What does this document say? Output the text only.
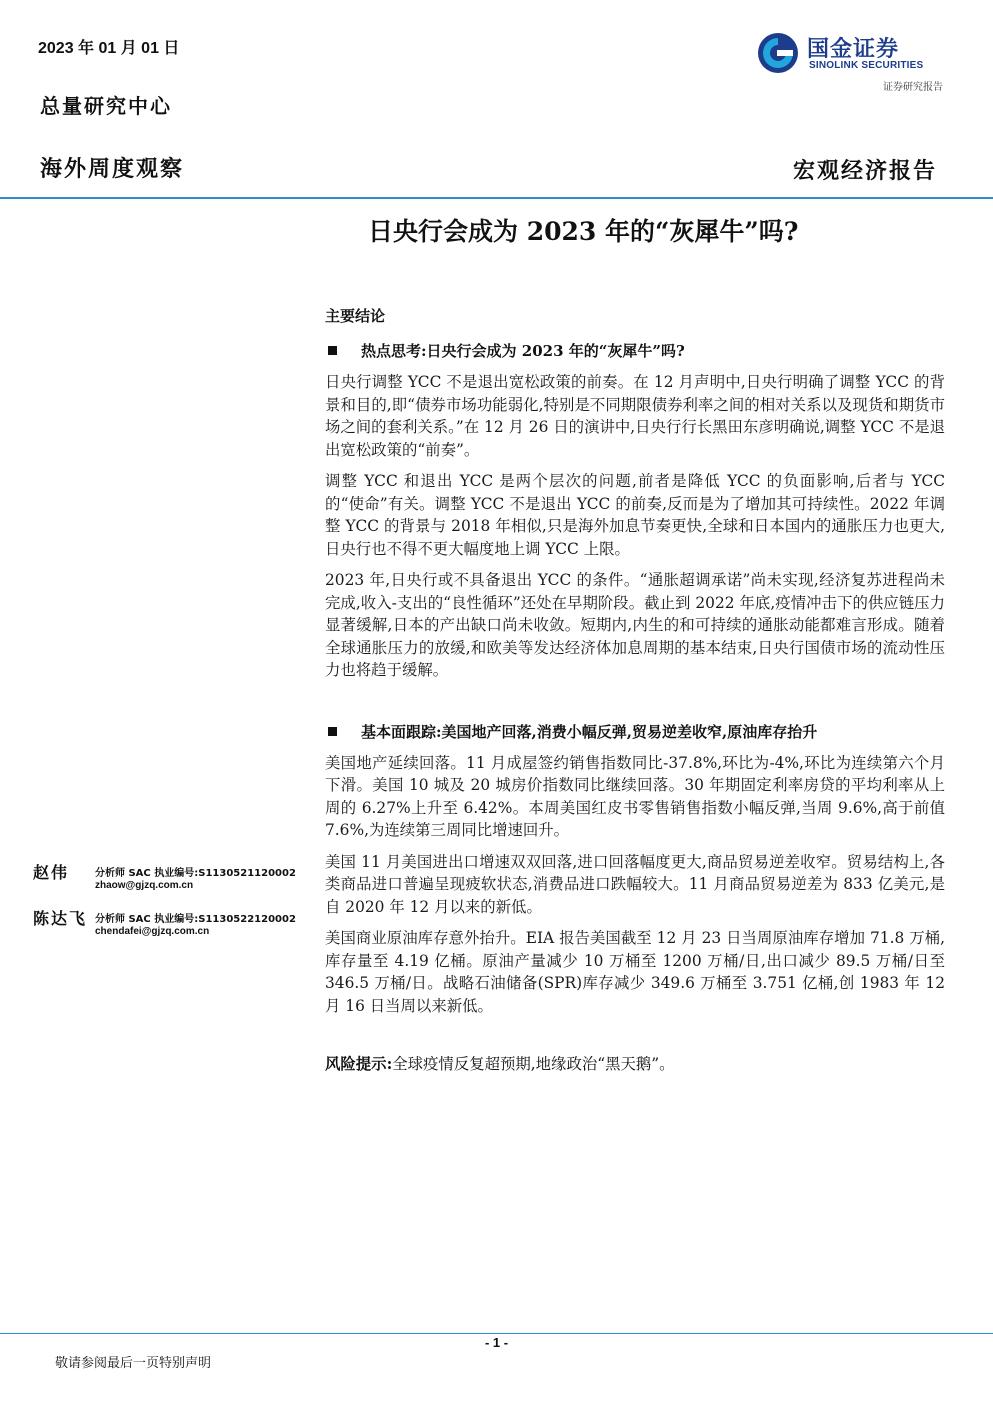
2023 年 01 月 01 日
总量研究中心
海外周度观察	宏观经济报告
国金证券
SINOLINK SECURITIES
证券研究报告
日央行会成为 2023 年的“灰犀牛”吗?
主要结论
热点思考:日央行会成为 2023 年的“灰犀牛”吗?

日央行调整 YCC 不是退出宽松政策的前奏。在 12 月声明中,日央行明确了调整 YCC 的背景和目的,即“债券市场功能弱化,特别是不同期限债券利率之间的相对关系以及现货和期货市场之间的套利关系。”在 12 月 26 日的演讲中,日央行行长黑田东彦明确说,调整 YCC 不是退出宽松政策的“前奏”。

调整 YCC 和退出 YCC 是两个层次的问题,前者是降低 YCC 的负面影响,后者与 YCC 的“使命”有关。调整 YCC 不是退出 YCC 的前奏,反而是为了增加其可持续性。2022 年调整 YCC 的背景与 2018 年相似,只是海外加息节奏更快,全球和日本国内的通胀压力也更大,日央行也不得不更大幅度地上调 YCC 上限。

2023 年,日央行或不具备退出 YCC 的条件。“通胀超调承诺”尚未实现,经济复苏进程尚未完成,收入-支出的“良性循环”还处在早期阶段。截止到 2022 年底,疫情冲击下的供应链压力显著缓解,日本的产出缺口尚未收敛。短期内,内生的和可持续的通胀动能都难言形成。随着全球通胀压力的放缓,和欧美等发达经济体加息周期的基本结束,日央行国债市场的流动性压力也将趋于缓解。

基本面跟踪:美国地产回落,消费小幅反弹,贸易逆差收窄,原油库存抬升

美国地产延续回落。11 月成屋签约销售指数同比-37.8%,环比为-4%,环比为连续第六个月下滑。美国 10 城及 20 城房价指数同比继续回落。30 年期固定利率房贷的平均利率从上周的 6.27%上升至 6.42%。本周美国红皮书零售销售指数小幅反弹,当周 9.6%,高于前值 7.6%,为连续第三周同比增速回升。

美国 11 月美国进出口增速双双回落,进口回落幅度更大,商品贸易逆差收窄。贸易结构上,各类商品进口普遍呈现疲软状态,消费品进口跌幅较大。11 月商品贸易逆差为 833 亿美元,是自 2020 年 12 月以来的新低。

美国商业原油库存意外抬升。EIA 报告美国截至 12 月 23 日当周原油库存增加 71.8 万桶,库存量至 4.19 亿桶。原油产量减少 10 万桶至 1200 万桶/日,出口减少 89.5 万桶/日至 346.5 万桶/日。战略石油储备(SPR)库存减少 349.6 万桶至 3.751 亿桶,创 1983 年 12 月 16 日当周以来新低。

风险提示:全球疫情反复超预期,地缘政治“黑天鹅”。
赵伟	分析师 SAC 执业编号:S1130521120002
zhaow@gjzq.com.cn
陈达飞 分析师 SAC 执业编号:S1130522120002
chendafei@gjzq.com.cn
- 1 -
敬请参阅最后一页特别声明
